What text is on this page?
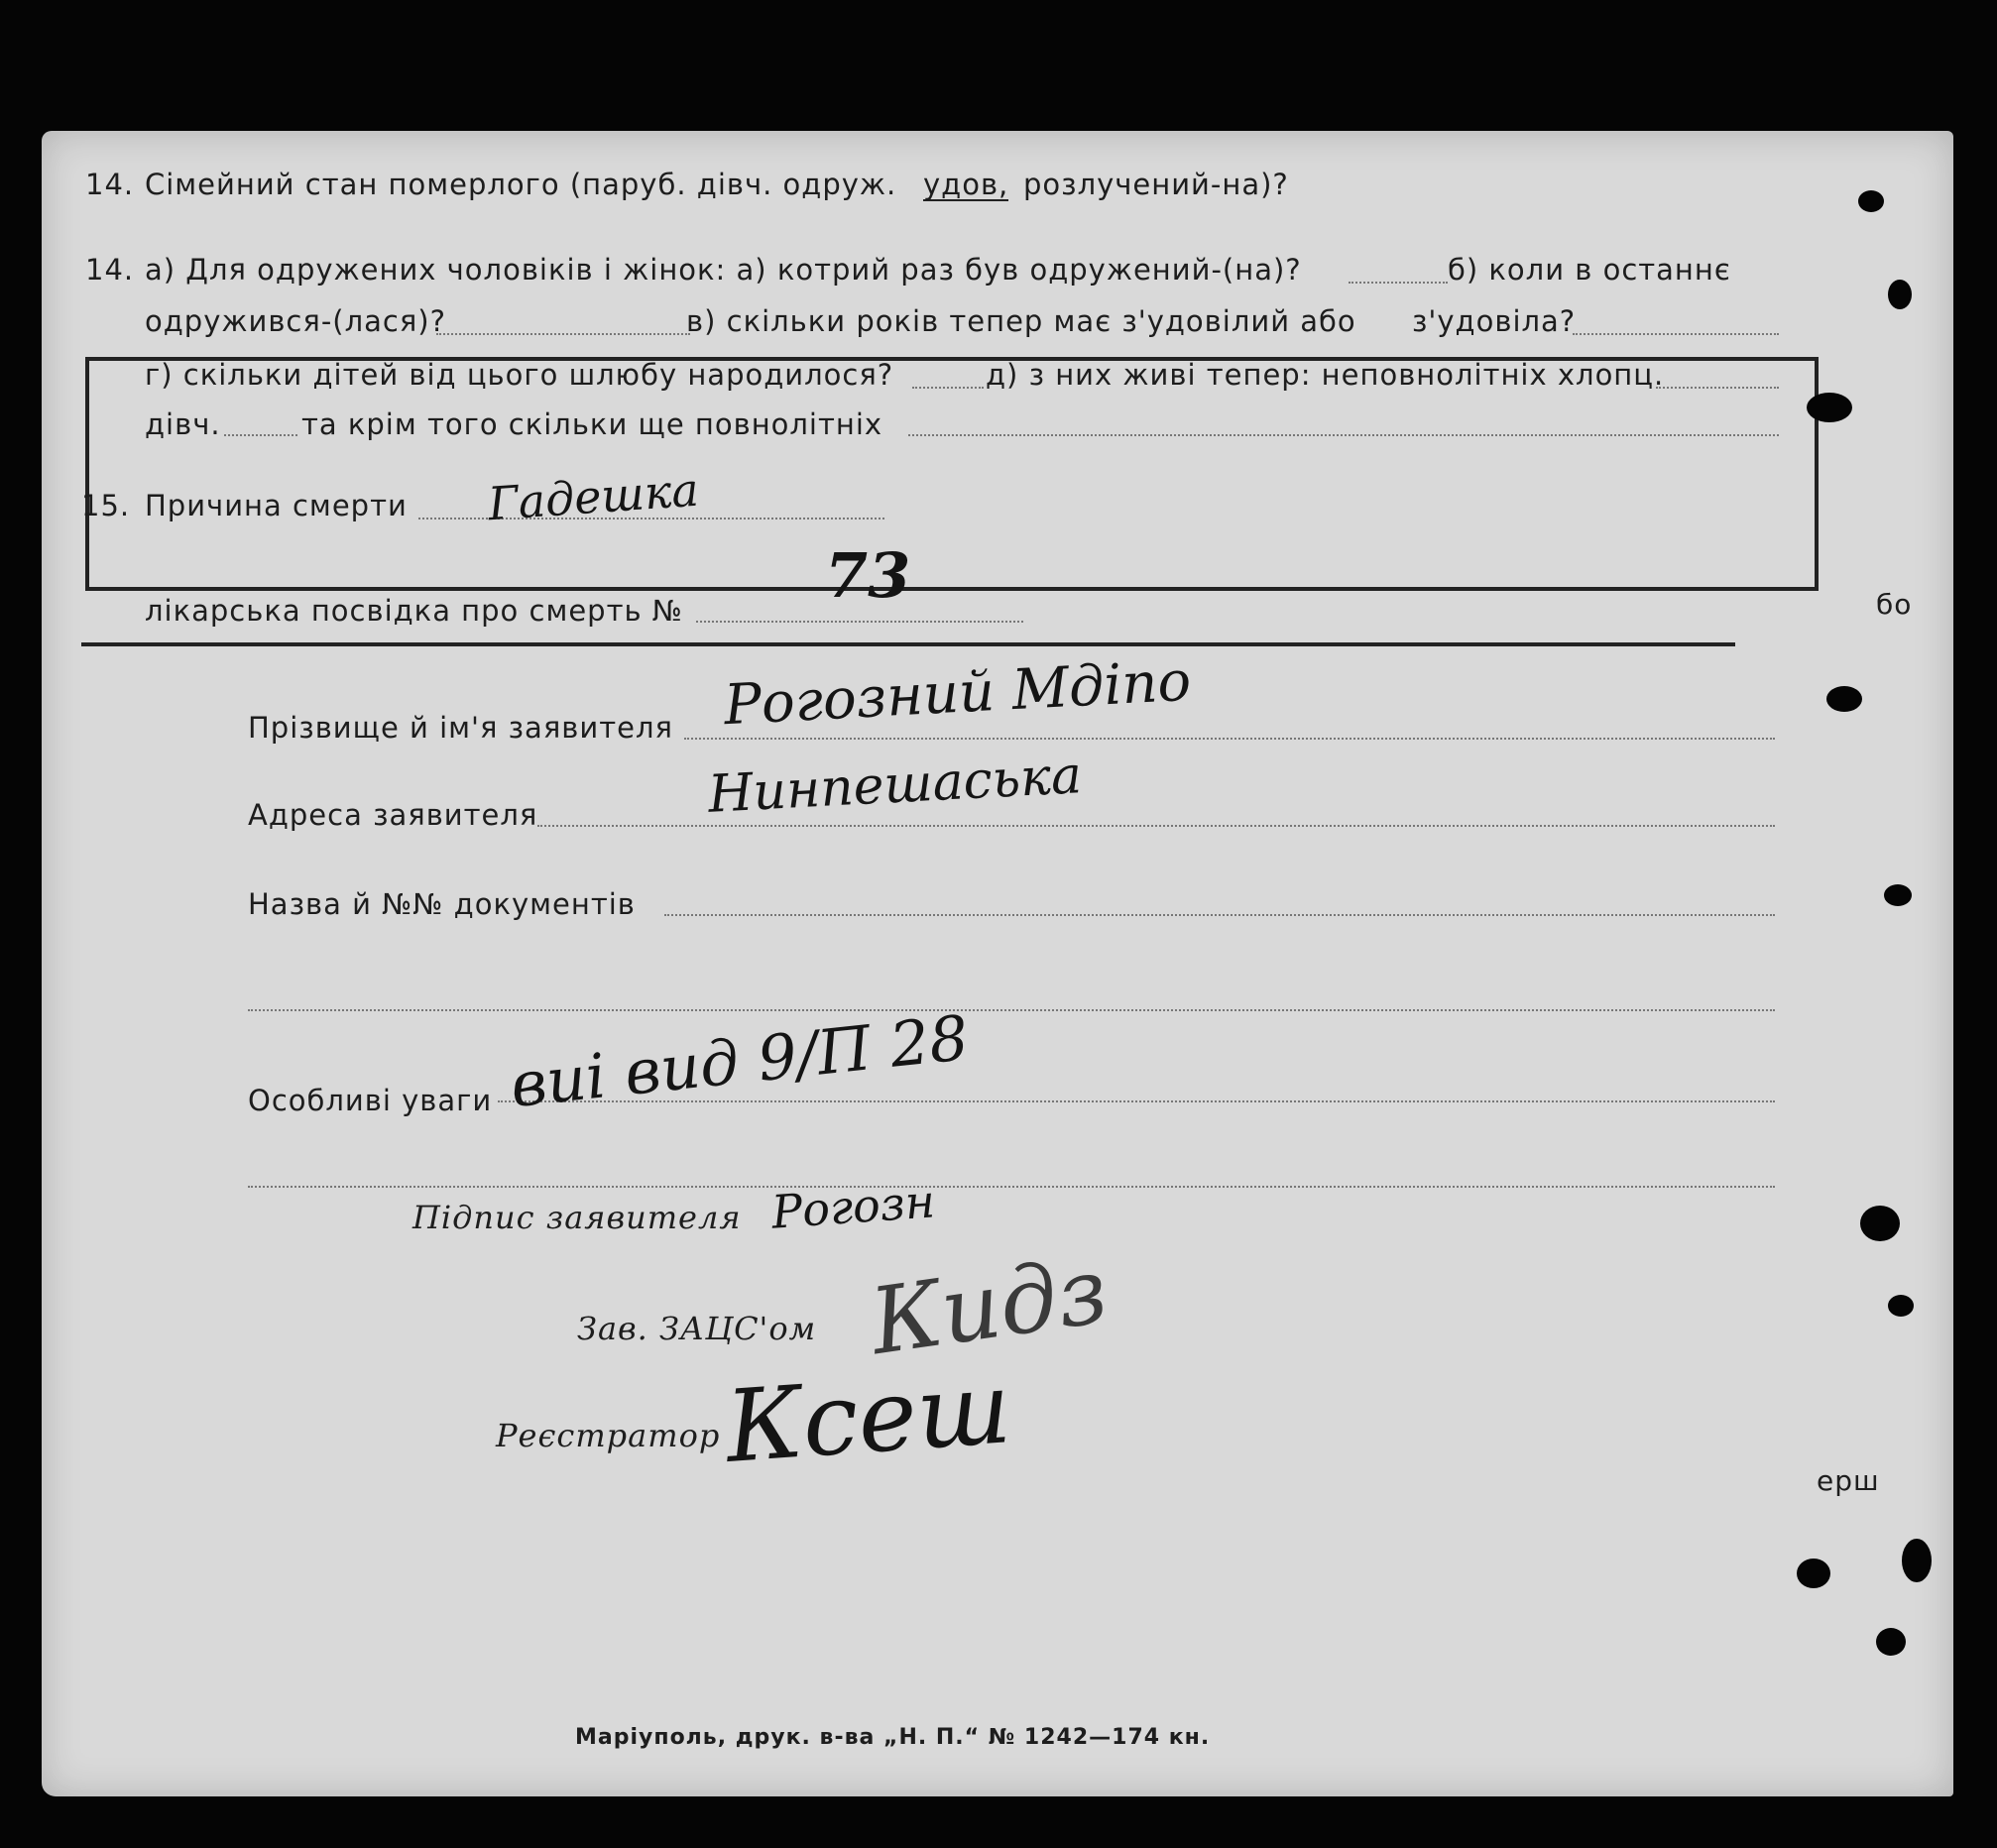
14. Сімейний стан померлого (паруб. дівч. одруж. удов, розлучений-на)?
14. а) Для одружених чоловіків і жінок: а) котрий раз був одружений-(на)?	б) коли в останнє
одружився-(лася)?	в) скільки років тепер має з'удовілий або з'удовіла?
г) скільки дітей від цього шлюбу народилося?	д) з них живі тепер: неповнолітніх хлопц.
дівч.	та крім того скільки ще повнолітніх
15. Причина смерти Гадешка
лікарська посвідка про смерть № 73
Прізвище й ім'я заявителя Рогозний Мдіпо
Адреса заявителя	Нинпешаська
Назва й №№ документів
Особливі уваги виі вид 9/П 28
Підпис заявителя Рогозн
Зав. ЗАЦС'ом Кидз
Реєстратор Ксеш
Маріуполь, друк. в-ва „Н. П.“ № 1242—174 кн.
бо
ерш
